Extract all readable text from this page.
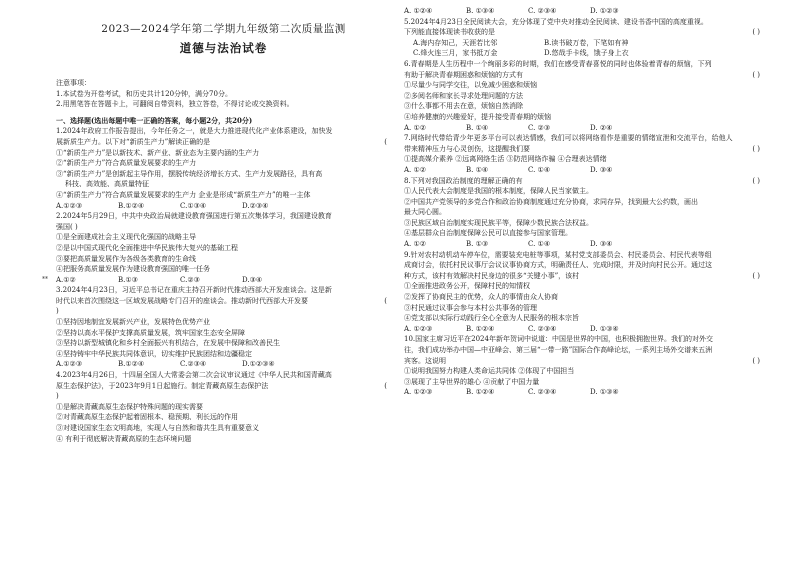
2023—2024学年第二学期九年级第二次质量监测
道德与法治试卷
注意事项：
1.本试卷为开卷考试，和历史共计120分钟，满分70分。
2.用黑笔答在答题卡上，可翻阅自带资料，独立答卷，不得讨论或交换资料。
一、选择题(选出每题中唯一正确的答案，每小题2分，共20分)
1.2024年政府工作报告提出，今年任务之一，就是大力推进现代化产业体系建设，加快发
展新质生产力。以下对“新质生产力”解读正确的是	(
①“新质生产力”是以新技术、新产业、新业态为主要内涵的生产力
②“新质生产力”符合高质量发展要求的生产力
③“新质生产力”是创新起主导作用，摆脱传统经济增长方式、生产力发展路径，具有高
科技、高效能、高质量特征
④“新质生产力”符合高质量发展要求的生产力 企业是形成“新质生产力”的唯一主体
A.①②③	B.①②④	C.①③④	D.②③④
2.2024年5月29日，中共中央政治局就建设教育强国进行第五次集体学习，我国建设教育
强国( )
①是全面建成社会主义现代化强国的战略主导
②是以中国式现代化全面推进中华民族伟大复兴的基础工程
③要把高质量发展作为各级各类教育的生命线
④把服务高质量发展作为建设教育强国的唯一任务
A.①②	B.①③	C.②③	D.③④
**
3.2024年4月23日，习近平总书记在重庆主持召开新时代推动西部大开发座谈会。这是新
时代以来首次围绕这一区域发展战略专门召开的座谈会。推动新时代西部大开发要	(
)
①坚持因地制宜发展新兴产业，发展特色优势产业
②坚持以高水平保护支撑高质量发展，筑牢国家生态安全屏障
③坚持以新型城镇化和乡村全面振兴有机结合，在发展中保障和改善民生
④坚持铸牢中华民族共同体意识，切实维护民族团结和边疆稳定
A.①②③	B.①②④	C.②③④	D.①②③④
4.2023年4月26日，十四届全国人大常委会第二次会议审议通过《中华人民共和国青藏高
原生态保护法》，于2023年9月1日起施行。制定青藏高原生态保护法	(
)
①是解决青藏高原生态保护特殊问题的现实需要
②对青藏高原生态保护起着固根本、稳预期、利长远的作用
③对建设国家生态文明高地，实现人与自然和谐共生具有重要意义
④ 有利于彻底解决青藏高原的生态环境问题
A. ①②④	B. ①③④	C. ②③④	D. ①②③
5.2024年4月23日全民阅读大会，充分体现了党中央对推动全民阅读、建设书香中国的高度重视。
下列能直接体现读书收获的是	( )
A.海内存知己，天涯若比邻	B.读书破万卷，下笔如有神
C.烽火连三月，家书抵万金	D.悠哉手卡线，饿子身上衣
6.青春期是人生历程中一个绚丽多彩的时期，我们在感受青春喜悦的同时也体验着青春的烦恼，下列
有助于解决青春期困惑和烦恼的方式有	( )
①尽量少与同学交往，以免减少困惑和烦恼
②多阅名师和家长寻求处理问题的方法
③什么事都不用去在意，烦恼自然消除
④培养健康的兴趣爱好，提升接受青春期的烦恼
A. ①②	B. ①④	C. ②③	D. ②④
7.网络时代带给青少年更多平台可以表达情感，我们可以将网络看作是重要的情绪宣泄和交流平台，给他人
带来精神压力与心灵创伤，这提醒我们要	( )
①提高媒介素养 ②远离网络生活 ③防范网络诈骗 ④合理表达情绪
A. ①②	B. ①④	C. ①④	D. ③④
8.下列对我国政治制度的理解正确的有	( )
①人民代表大会制度是我国的根本制度，保障人民当家做主。
②中国共产党领导的多党合作和政治协商制度通过充分协商，求同存异，找到最大公约数，画出
最大同心圆。
③民族区域自治制度实现民族平等，保障少数民族合法权益。
④基层群众自治制度保障公民可以直接参与国家管理。
A. ①②	B. ①③	C. ①④	D. ③④
9.针对农村动机动车停车位，需要装充电桩等事项，某村党支部委员会、村民委员会、村民代表等组
成商讨会，依托村民议事厅会议议事协商方式，明确责任人、完成时限，并及时向村民公开。通过这
种方式，该村有效解决村民身边的很多“关键小事”，该村	( )
①全面推进政务公开，保障村民的知情权
②发挥了协商民主的优势，众人的事情由众人协商
③村民通过议事会参与本村公共事务的管理
④党支部以实际行动践行全心全意为人民服务的根本宗旨
A. ①②③	B. ①②④	C. ②③④	D. ①③④
10.国家主席习近平在2024年新年贺词中说道：中国是世界的中国，也积极拥抱世界。我们的对外交
往，我们成功举办中国—中亚峰会、第三届“一带一路”国际合作高峰论坛，一系列主场外交谱来五洲
宾客。这说明	( )
①说明我国努力构建人类命运共同体 ②体现了中国担当
③展现了主导世界的雄心 ④贡献了中国力量
A. ①②③	B. ①②④	C. ②③④	D. ①③④
